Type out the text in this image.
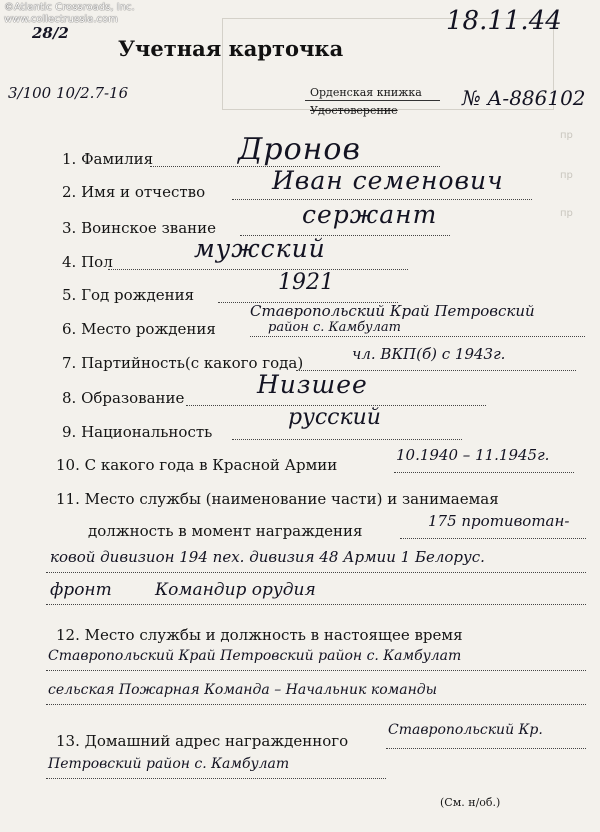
пр
пр
пр
©Atlantic Crossroads, Inc.
www.collectrussia.com
28/2
3/100 10/2.7-16
18.11.44
Учетная карточка
Орденская книжка
Удостоверение
№ А-886102
1. Фамилия	Дронов
2. Имя и отчество	Иван семенович
3. Воинское звание	сержант
4. Пол	мужский
5. Год рождения	1921
6. Место рождения
Ставропольский Край Петровский
район с. Камбулат
7. Партийность(с какого года)	чл. ВКП(б) с 1943г.
8. Образование	Низшее
9. Национальность
русский
10. С какого года в Красной Армии
10.1940 – 11.1945г.
11. Место службы (наименование части) и занимаемая
должность в момент награждения
175 противотан-
ковой дивизион 194 пех. дивизия 48 Армии 1 Белорус.
фронт        Командир орудия
12. Место службы и должность в настоящее время
Ставропольский Край Петровский район с. Камбулат
сельская Пожарная Команда – Начальник команды
13. Домашний адрес награжденного
Ставропольский Кр.
Петровский район с. Камбулат
(См. н/об.)
